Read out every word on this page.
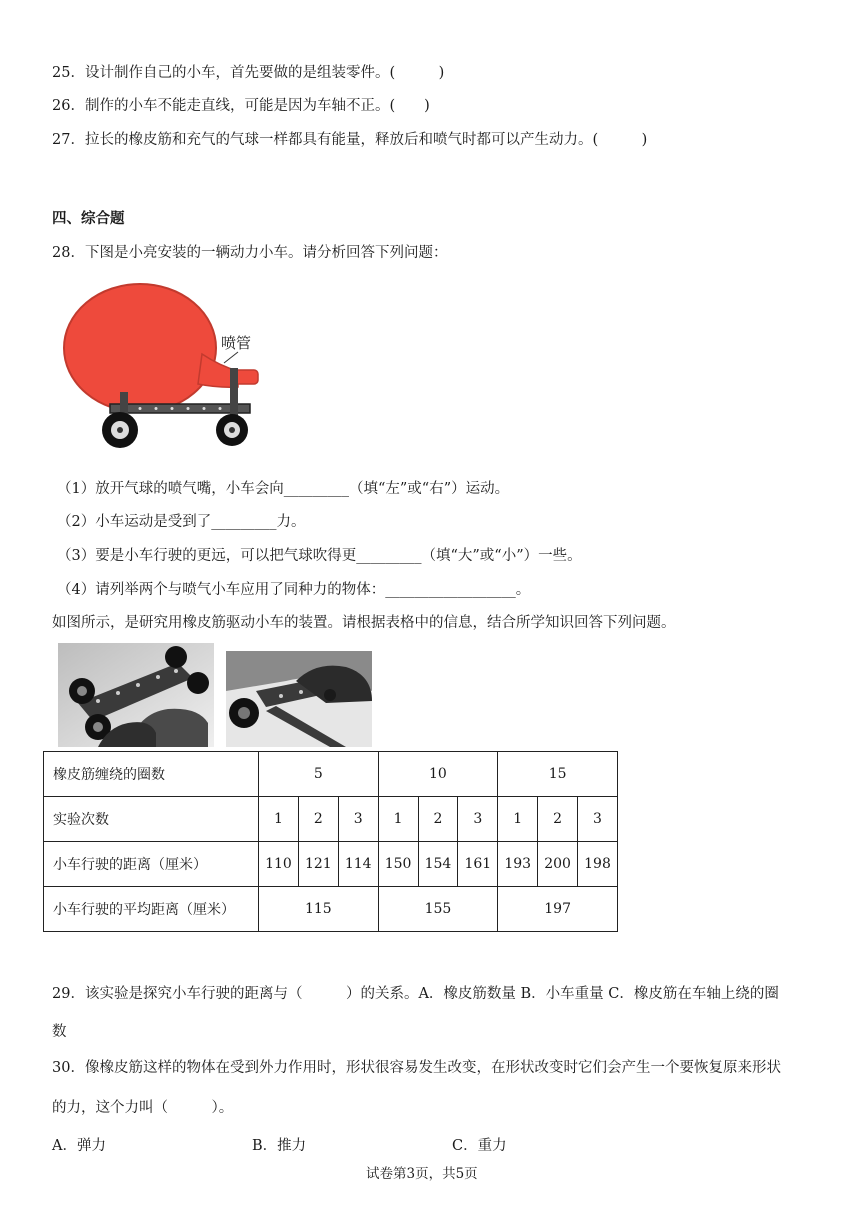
25．设计制作自己的小车，首先要做的是组装零件。(　　　)
26．制作的小车不能走直线，可能是因为车轴不正。(　　)
27．拉长的橡皮筋和充气的气球一样都具有能量，释放后和喷气时都可以产生动力。(　　　)
四、综合题
28．下图是小亮安装的一辆动力小车。请分析回答下列问题：
喷管
（1）放开气球的喷气嘴，小车会向_________（填“左”或“右”）运动。
（2）小车运动是受到了_________力。
（3）要是小车行驶的更远，可以把气球吹得更_________（填“大”或“小”）一些。
（4）请列举两个与喷气小车应用了同种力的物体：__________________。
如图所示，是研究用橡皮筋驱动小车的装置。请根据表格中的信息，结合所学知识回答下列问题。
橡皮筋缠绕的圈数	5			10			15		
实验次数	1	2	3	1	2	3	1	2	3
小车行驶的距离（厘米）	110	121	114	150	154	161	193	200	198
小车行驶的平均距离（厘米）	115			155			197		
29．该实验是探究小车行驶的距离与（　　　）的关系。A．橡皮筋数量 B．小车重量 C．橡皮筋在车轴上绕的圈
数
30．像橡皮筋这样的物体在受到外力作用时，形状很容易发生改变，在形状改变时它们会产生一个要恢复原来形状
的力，这个力叫（　　　）。
A．弹力	B．推力	C．重力
试卷第3页，共5页
